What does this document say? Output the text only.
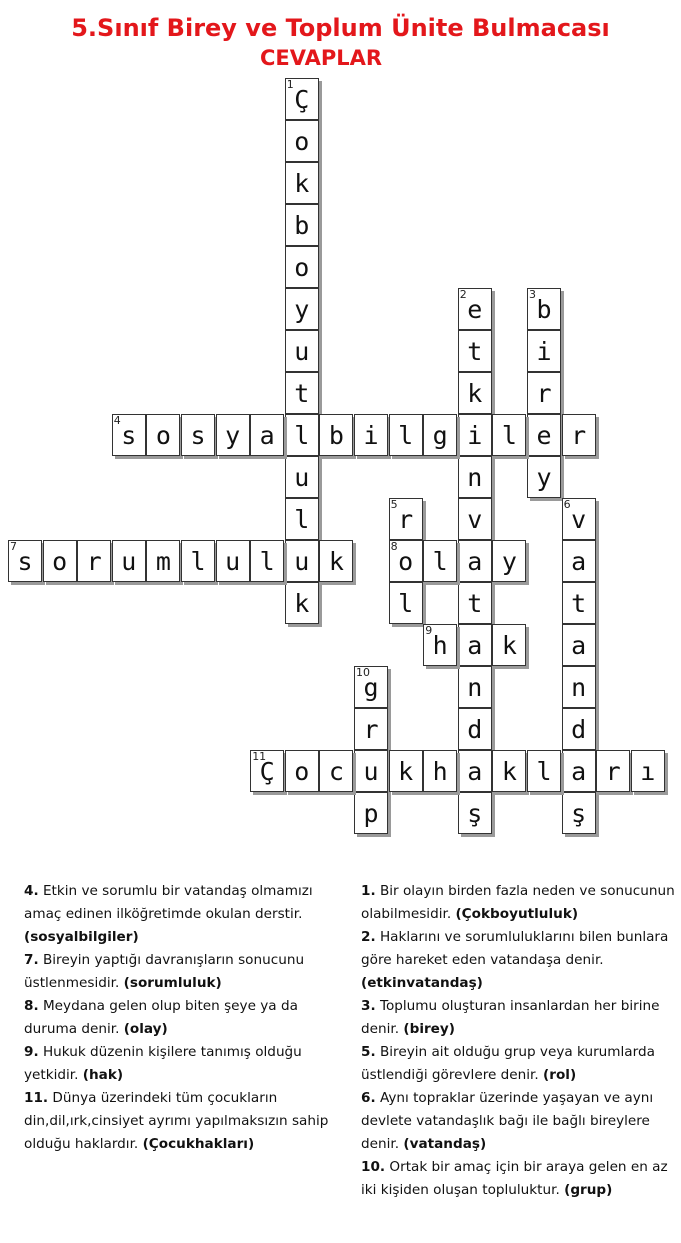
5.Sınıf Birey ve Toplum Ünite Bulmacası
CEVAPLAR
1
Ç
o
k
b
o
y
u
t
l
u
l
u
k
2
e
t
k
i
n
v
a
t
a
n
d
a
ş
3
b
i
r
e
y
4
s o s y a	b i l g	l	r
5
r
8
o
l
6
v
a
t
a
n
d
a
ş
7
s o r u m l u l	k	l	y
9
h	k
10
g
r
u
p
11
Ç o c	k h	k l	r ı
4. Etkin ve sorumlu bir vatandaş olmamızı amaç edinen ilköğretimde okulan derstir. (sosyalbilgiler)
7. Bireyin yaptığı davranışların sonucunu üstlenmesidir. (sorumluluk)
8. Meydana gelen olup biten şeye ya da duruma denir. (olay)
9. Hukuk düzenin kişilere tanımış olduğu yetkidir. (hak)
11. Dünya üzerindeki tüm çocukların din,dil,ırk,cinsiyet ayrımı yapılmaksızın sahip olduğu haklardır. (Çocukhakları)
1. Bir olayın birden fazla neden ve sonucunun olabilmesidir. (Çokboyutluluk)
2. Haklarını ve sorumluluklarını bilen bunlara göre hareket eden vatandaşa denir. (etkinvatandaş)
3. Toplumu oluşturan insanlardan her birine denir. (birey)
5. Bireyin ait olduğu grup veya kurumlarda üstlendiği görevlere denir. (rol)
6. Aynı topraklar üzerinde yaşayan ve aynı devlete vatandaşlık bağı ile bağlı bireylere denir. (vatandaş)
10. Ortak bir amaç için bir araya gelen en az iki kişiden oluşan topluluktur. (grup)
